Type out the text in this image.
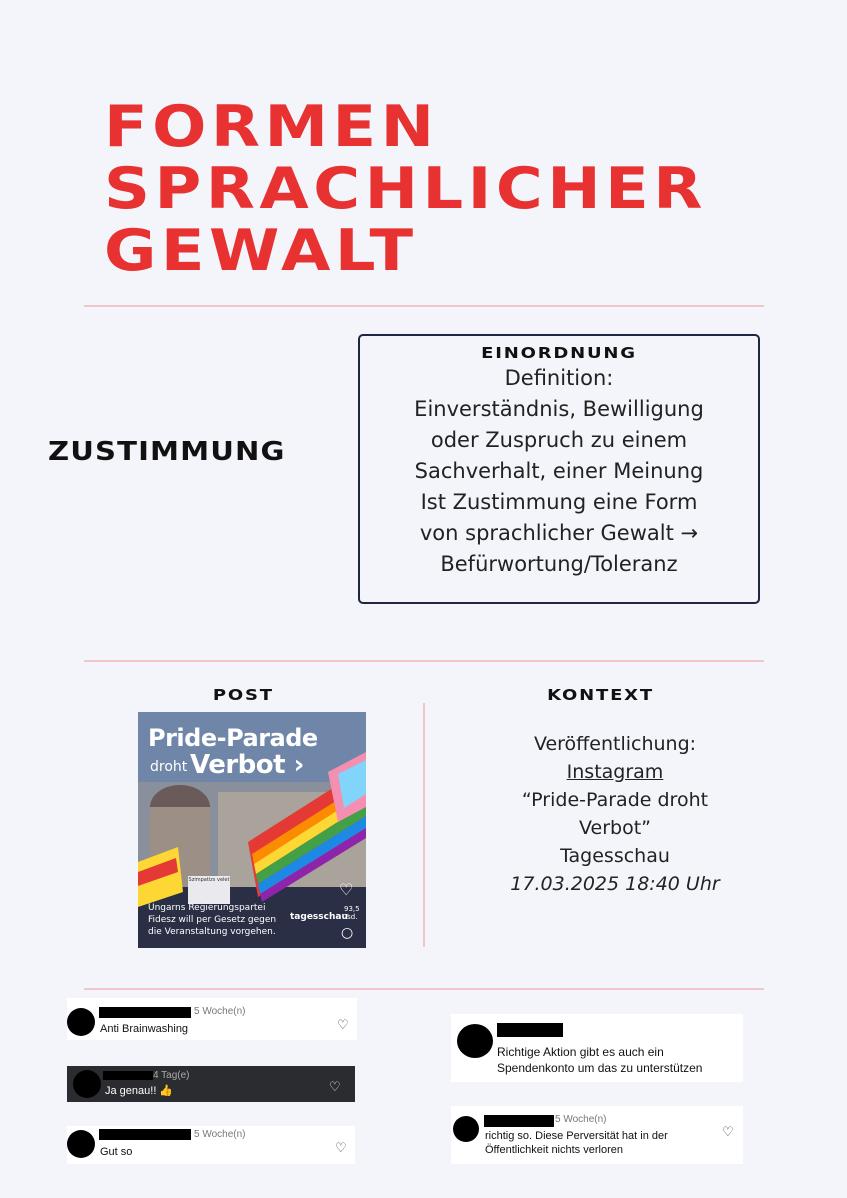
FORMEN
SPRACHLICHER
GEWALT
ZUSTIMMUNG
EINORDNUNG
Definition:
Einverständnis, Bewilligung
oder Zuspruch zu einem
Sachverhalt, einer Meinung
Ist Zustimmung eine Form
von sprachlicher Gewalt →
Befürwortung/Toleranz
POST	KONTEXT
Pride-Parade
droht Verbot ›
Szimpatizs velet	♡
93,5 Tsd.
tagesschau
○
Ungarns Regierungspartei
Fidesz will per Gesetz gegen
die Veranstaltung vorgehen.
Veröffentlichung:
Instagram
“Pride-Parade droht
Verbot”
Tagesschau
17.03.2025 18:40 Uhr
5 Woche(n)
Anti Brainwashing	♡
4 Tag(e)
Ja genau!! 👍	♡
5 Woche(n)
Gut so	♡
Richtige Aktion gibt es auch ein
Spendenkonto um das zu unterstützen
5 Woche(n)
richtig so. Diese Perversität hat in der
Öffentlichkeit nichts verloren
♡
